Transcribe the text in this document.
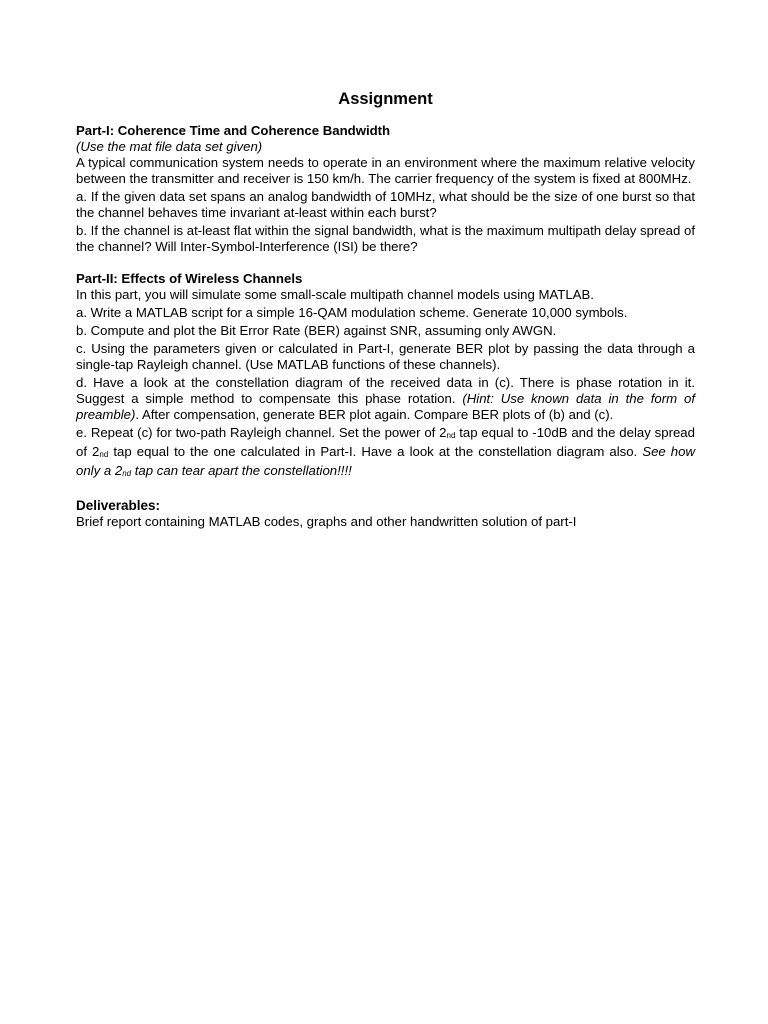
Assignment
Part-I: Coherence Time and Coherence Bandwidth
(Use the mat file data set given)

A typical communication system needs to operate in an environment where the maximum relative velocity between the transmitter and receiver is 150 km/h. The carrier frequency of the system is fixed at 800MHz.

a. If the given data set spans an analog bandwidth of 10MHz, what should be the size of one burst so that the channel behaves time invariant at-least within each burst?

b. If the channel is at-least flat within the signal bandwidth, what is the maximum multipath delay spread of the channel? Will Inter-Symbol-Interference (ISI) be there?

Part-II: Effects of Wireless Channels

In this part, you will simulate some small-scale multipath channel models using MATLAB.

a. Write a MATLAB script for a simple 16-QAM modulation scheme. Generate 10,000 symbols.

b. Compute and plot the Bit Error Rate (BER) against SNR, assuming only AWGN.

c. Using the parameters given or calculated in Part-I, generate BER plot by passing the data through a single-tap Rayleigh channel. (Use MATLAB functions of these channels).

d. Have a look at the constellation diagram of the received data in (c). There is phase rotation in it. Suggest a simple method to compensate this phase rotation. (Hint: Use known data in the form of preamble). After compensation, generate BER plot again. Compare BER plots of (b) and (c).

e. Repeat (c) for two-path Rayleigh channel. Set the power of 2nd tap equal to -10dB and the delay spread of 2nd tap equal to the one calculated in Part-I. Have a look at the constellation diagram also. See how only a 2nd tap can tear apart the constellation!!!!

Deliverables:

Brief report containing MATLAB codes, graphs and other handwritten solution of part-I
